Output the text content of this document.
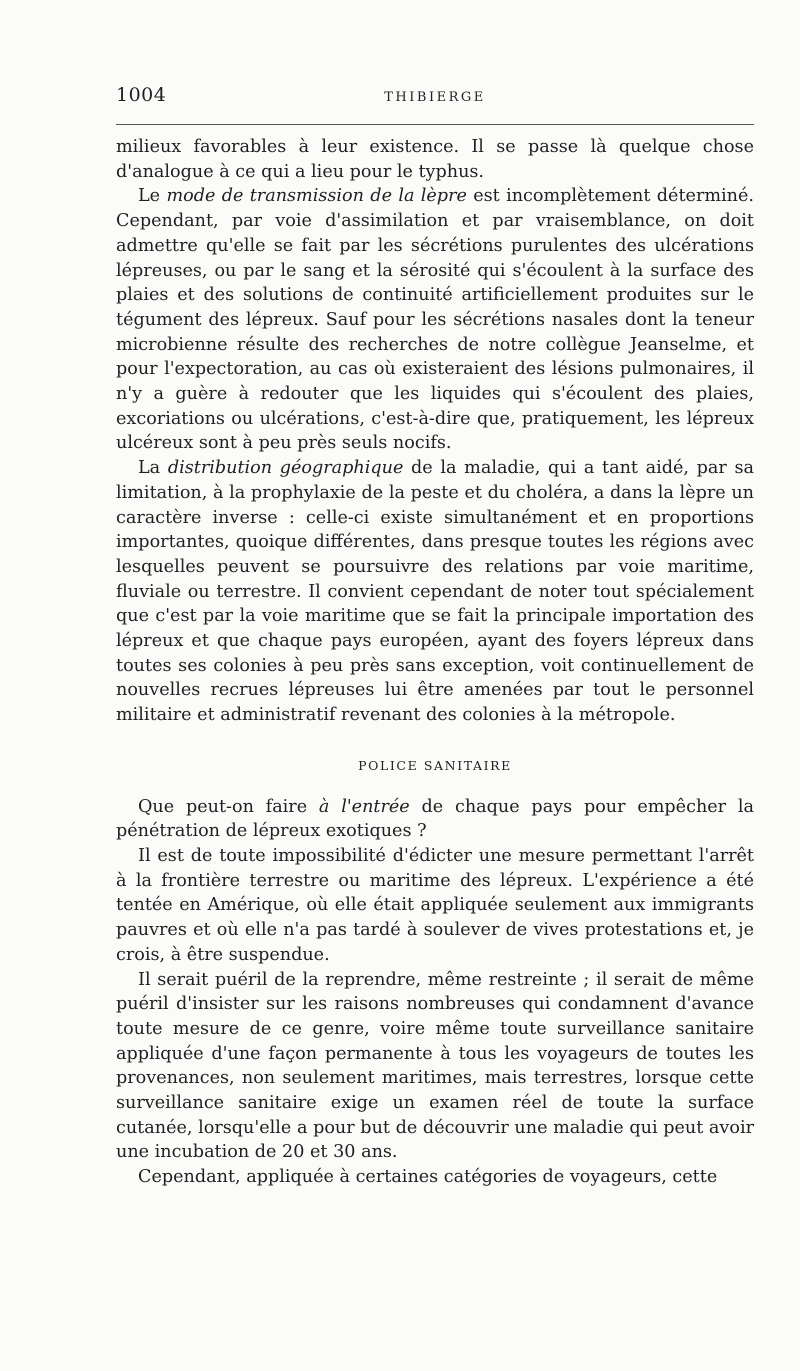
1004	THIBIERGE

milieux favorables à leur existence. Il se passe là quelque chose d'analogue à ce qui a lieu pour le typhus.

Le mode de transmission de la lèpre est incomplètement déterminé. Cependant, par voie d'assimilation et par vraisemblance, on doit admettre qu'elle se fait par les sécrétions purulentes des ulcérations lépreuses, ou par le sang et la sérosité qui s'écoulent à la surface des plaies et des solutions de continuité artificiellement produites sur le tégument des lépreux. Sauf pour les sécrétions nasales dont la teneur microbienne résulte des recherches de notre collègue Jeanselme, et pour l'expectoration, au cas où existeraient des lésions pulmonaires, il n'y a guère à redouter que les liquides qui s'écoulent des plaies, excoriations ou ulcérations, c'est-à-dire que, pratiquement, les lépreux ulcéreux sont à peu près seuls nocifs.

La distribution géographique de la maladie, qui a tant aidé, par sa limitation, à la prophylaxie de la peste et du choléra, a dans la lèpre un caractère inverse : celle-ci existe simultanément et en proportions importantes, quoique différentes, dans presque toutes les régions avec lesquelles peuvent se poursuivre des relations par voie maritime, fluviale ou terrestre. Il convient cependant de noter tout spécialement que c'est par la voie maritime que se fait la principale importation des lépreux et que chaque pays européen, ayant des foyers lépreux dans toutes ses colonies à peu près sans exception, voit continuellement de nouvelles recrues lépreuses lui être amenées par tout le personnel militaire et administratif revenant des colonies à la métropole.

POLICE SANITAIRE

Que peut-on faire à l'entrée de chaque pays pour empêcher la pénétration de lépreux exotiques ?

Il est de toute impossibilité d'édicter une mesure permettant l'arrêt à la frontière terrestre ou maritime des lépreux. L'expérience a été tentée en Amérique, où elle était appliquée seulement aux immigrants pauvres et où elle n'a pas tardé à soulever de vives protestations et, je crois, à être suspendue.

Il serait puéril de la reprendre, même restreinte ; il serait de même puéril d'insister sur les raisons nombreuses qui condamnent d'avance toute mesure de ce genre, voire même toute surveillance sanitaire appliquée d'une façon permanente à tous les voyageurs de toutes les provenances, non seulement maritimes, mais terrestres, lorsque cette surveillance sanitaire exige un examen réel de toute la surface cutanée, lorsqu'elle a pour but de découvrir une maladie qui peut avoir une incubation de 20 et 30 ans.

Cependant, appliquée à certaines catégories de voyageurs, cette
